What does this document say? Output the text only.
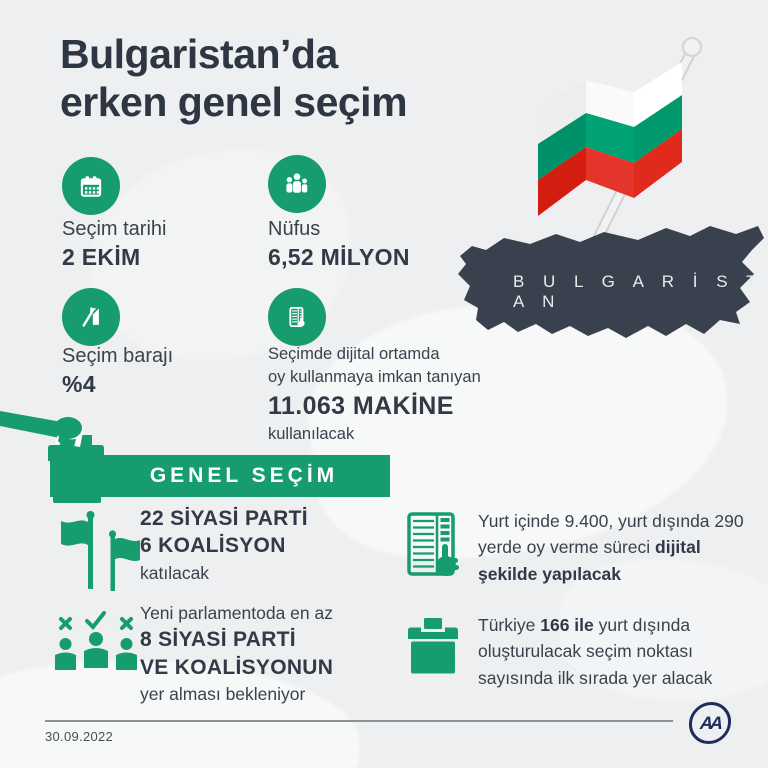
Bulgaristan’da
erken genel seçim
B U L G A R İ S T A N
Seçim tarihi
2 EKİM
Nüfus
6,52 MİLYON
Seçim barajı
%4
Seçimde dijital ortamda
oy kullanmaya imkan tanıyan
11.063 MAKİNE
kullanılacak
GENEL SEÇİM
22 SİYASİ PARTİ
6 KOALİSYON
katılacak
Yeni parlamentoda en az
8 SİYASİ PARTİ
VE KOALİSYONUN
yer alması bekleniyor
Yurt içinde 9.400, yurt dışında 290 yerde oy verme süreci dijital şekilde yapılacak
Türkiye 166 ile yurt dışında oluşturulacak seçim noktası sayısında ilk sırada yer alacak
30.09.2022
AA
